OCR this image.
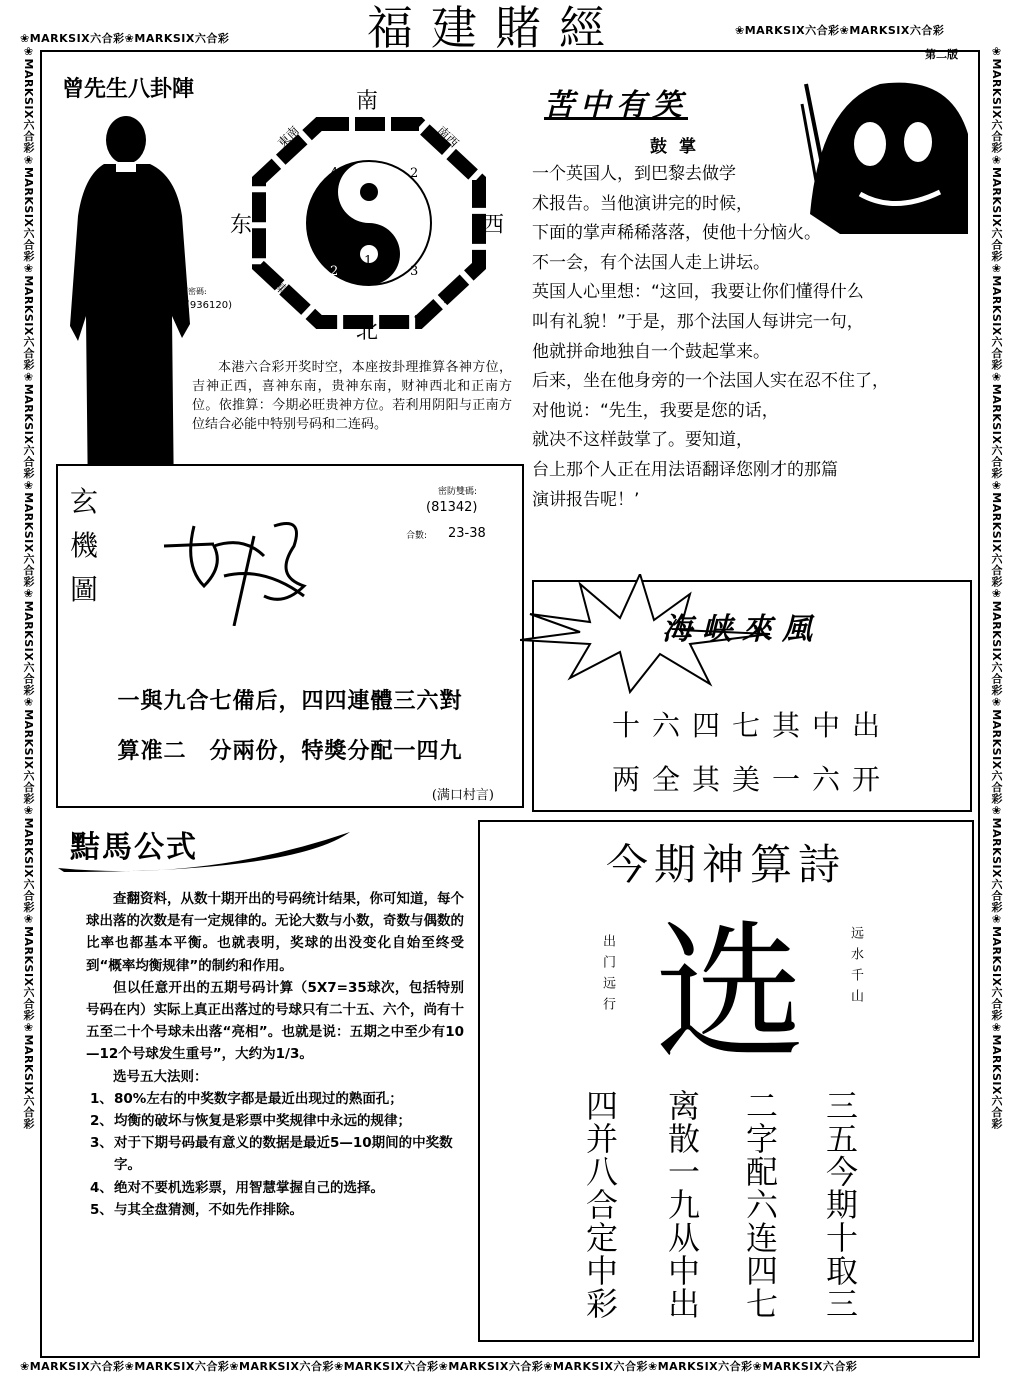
❀MARKSIX六合彩❀MARKSIX六合彩
❀MARKSIX六合彩❀MARKSIX六合彩
❀MARKSIX六合彩❀MARKSIX六合彩❀MARKSIX六合彩❀MARKSIX六合彩❀MARKSIX六合彩❀MARKSIX六合彩❀MARKSIX六合彩❀MARKSIX六合彩
❀MARKSIX六合彩❀MARKSIX六合彩❀MARKSIX六合彩❀MARKSIX六合彩❀MARKSIX六合彩❀MARKSIX六合彩❀MARKSIX六合彩❀MARKSIX六合彩❀MARKSIX六合彩❀MARKSIX六合彩	❀MARKSIX六合彩❀MARKSIX六合彩❀MARKSIX六合彩❀MARKSIX六合彩❀MARKSIX六合彩❀MARKSIX六合彩❀MARKSIX六合彩❀MARKSIX六合彩❀MARKSIX六合彩❀MARKSIX六合彩
福建賭經	第二版
曾先生八卦陣
内部密碼:
(936120)
南
北
东	西
東南	南西
東北	北西
4
8
2
2
1
3
本港六合彩开奖时空，本座按卦理推算各神方位，吉神正西，喜神东南，贵神东南，财神西北和正南方位。依推算：今期必旺贵神方位。若利用阴阳与正南方位结合必能中特别号码和二连码。
苦中有笑
鼓掌
一个英国人，到巴黎去做学
术报告。当他演讲完的时候，
下面的掌声稀稀落落，使他十分恼火。
不一会，有个法国人走上讲坛。
英国人心里想：“这回，我要让你们懂得什么
叫有礼貌！”于是，那个法国人每讲完一句，
他就拼命地独自一个鼓起掌来。
后来，坐在他身旁的一个法国人实在忍不住了，
对他说：“先生，我要是您的话，
就决不这样鼓掌了。要知道，
台上那个人正在用法语翻译您刚才的那篇
演讲报告呢！’
玄
機
圖
密防雙碼:
(81342)
合數: 23-38
一與九合七備后，四四連體三六對
算准二　分兩份，特獎分配一四九
(满口村言)
海峡來風
十六四七其中出
两全其美一六开
黠馬公式

查翻资料，从数十期开出的号码统计结果，你可知道，每个球出落的次数是有一定规律的。无论大数与小数，奇数与偶数的比率也都基本平衡。也就表明，奖球的出没变化自始至终受到“概率均衡规律”的制约和作用。

但以任意开出的五期号码计算（5X7=35球次，包括特别号码在内）实际上真正出落过的号球只有二十五、六个，尚有十五至二十个号球未出落“亮相”。也就是说：五期之中至少有10—12个号球发生重号”，大约为1/3。

选号五大法则：

1、 80%左右的中奖数字都是最近出现过的熟面孔；
2、 均衡的破坏与恢复是彩票中奖规律中永远的规律；
3、 对于下期号码最有意义的数据是最近5—10期间的中奖数字。
4、 绝对不要机选彩票，用智慧掌握自己的选择。
5、 与其全盘猜测，不如先作排除。
今期神算詩
选
出门远行	远水千山
四
并
八
合
定
中
彩
离
散
一
九
从
中
出
二
字
配
六
连
四
七
三
五
今
期
十
取
三
